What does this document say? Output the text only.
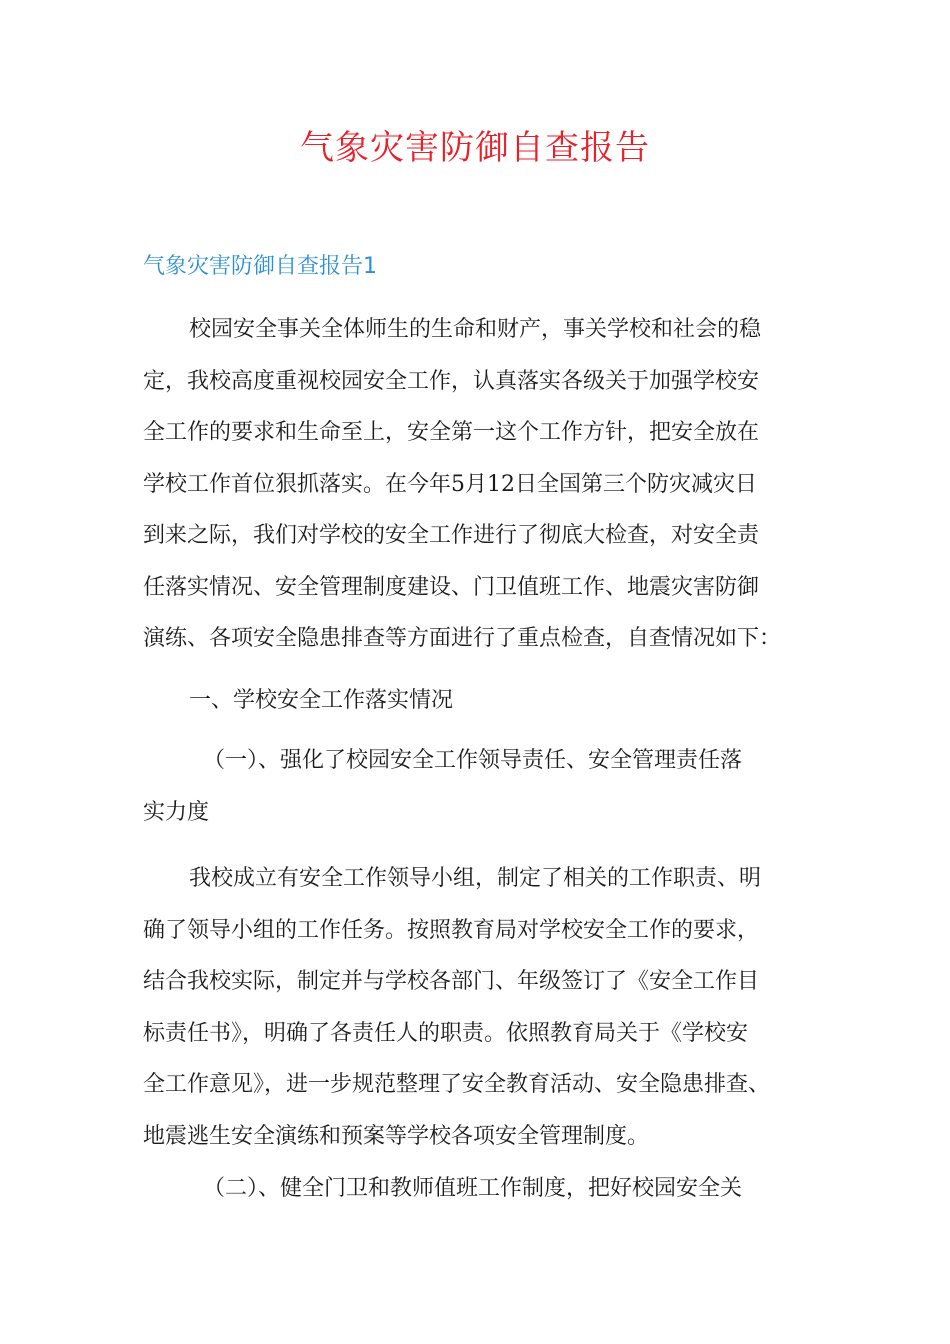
气象灾害防御自查报告
气象灾害防御自查报告1
校园安全事关全体师生的生命和财产，事关学校和社会的稳
定，我校高度重视校园安全工作，认真落实各级关于加强学校安
全工作的要求和生命至上，安全第一这个工作方针，把安全放在
学校工作首位狠抓落实。在今年5月12日全国第三个防灾减灾日
到来之际，我们对学校的安全工作进行了彻底大检查，对安全责
任落实情况、安全管理制度建设、门卫值班工作、地震灾害防御
演练、各项安全隐患排查等方面进行了重点检查，自查情况如下：
一、学校安全工作落实情况
（一）、强化了校园安全工作领导责任、安全管理责任落
实力度
我校成立有安全工作领导小组，制定了相关的工作职责、明
确了领导小组的工作任务。按照教育局对学校安全工作的要求，
结合我校实际，制定并与学校各部门、年级签订了《安全工作目
标责任书》，明确了各责任人的职责。依照教育局关于《学校安
全工作意见》，进一步规范整理了安全教育活动、安全隐患排查、
地震逃生安全演练和预案等学校各项安全管理制度。
（二）、健全门卫和教师值班工作制度，把好校园安全关
